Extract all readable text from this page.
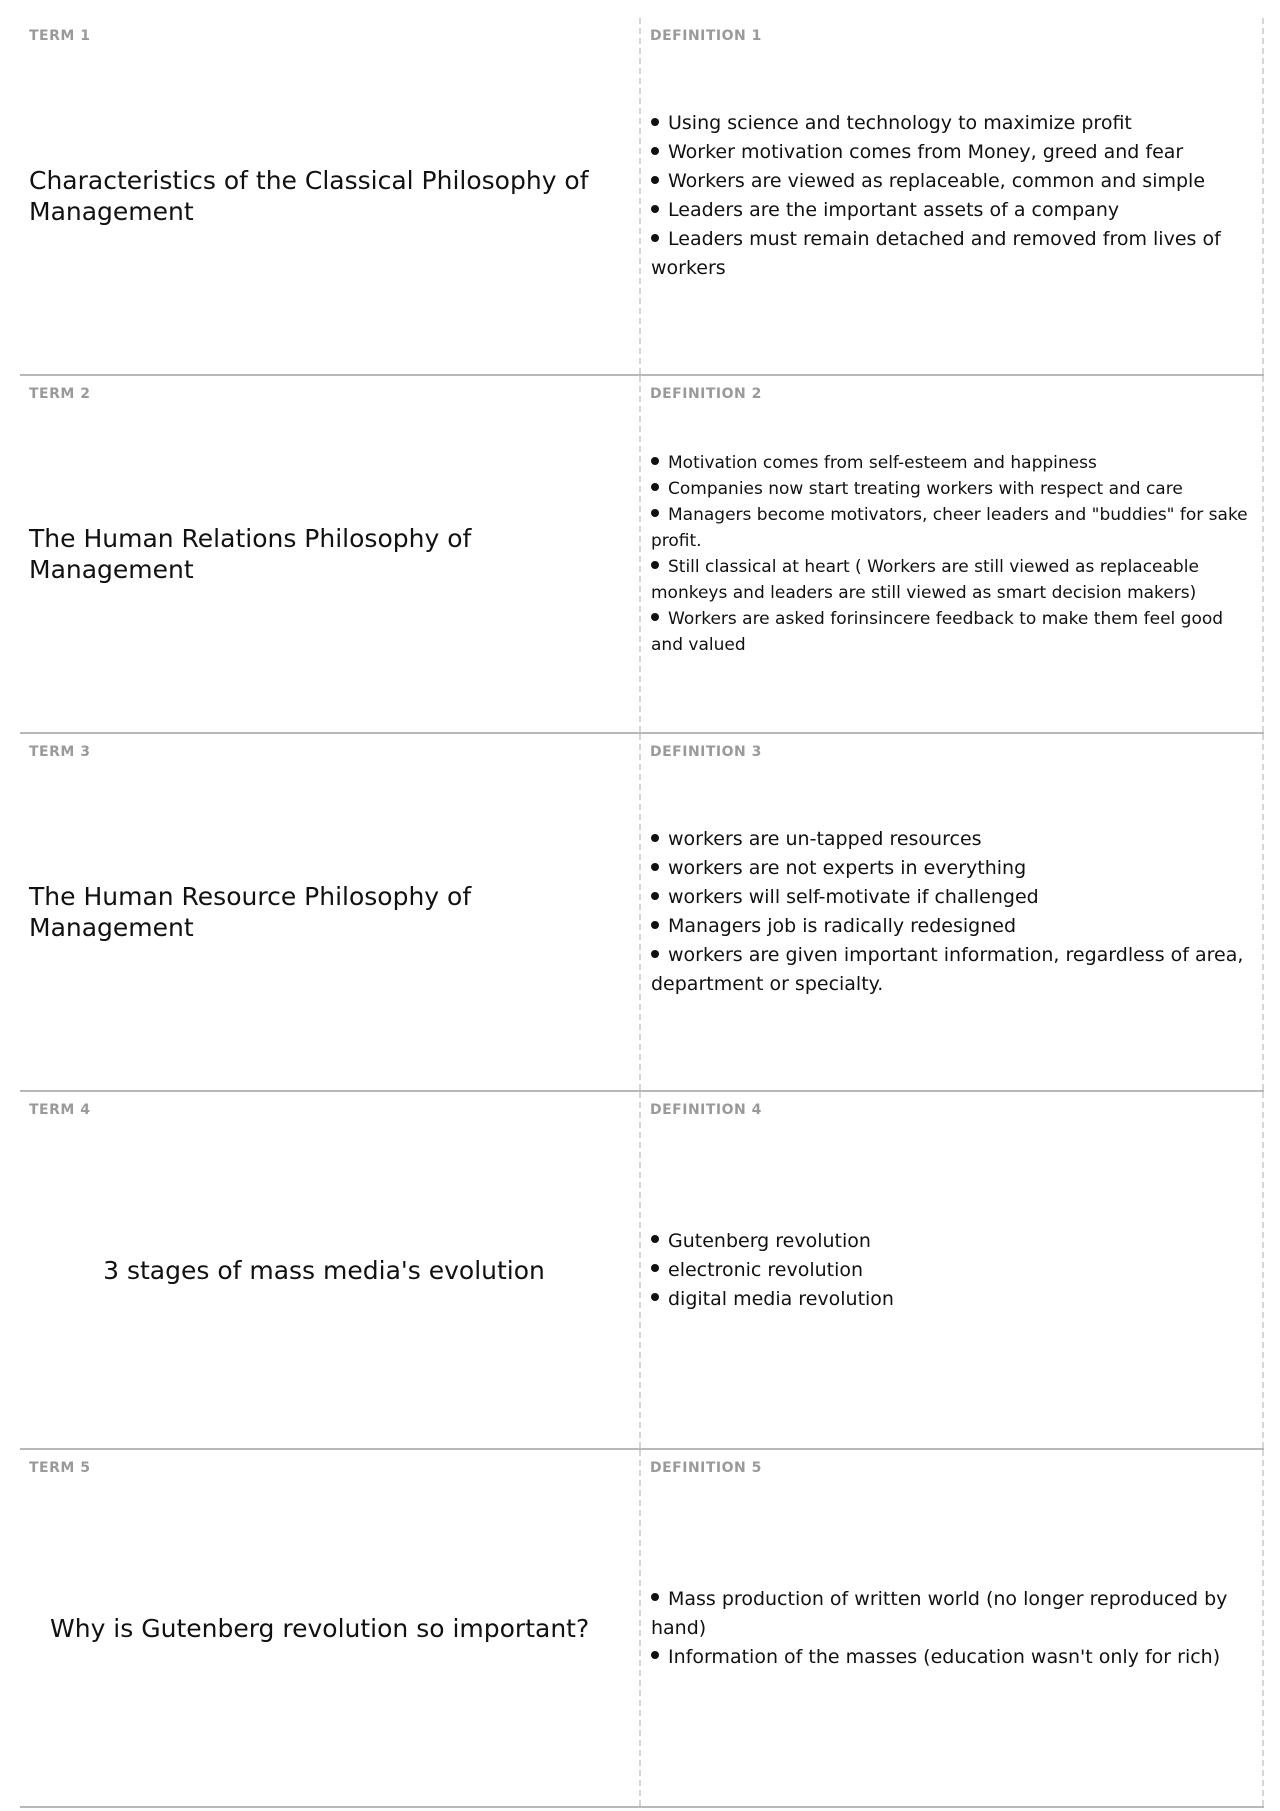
TERM 1
Characteristics of the Classical Philosophy of Management
DEFINITION 1
Using science and technology to maximize profit
Worker motivation comes from Money, greed and fear
Workers are viewed as replaceable, common and simple
Leaders are the important assets of a company
Leaders must remain detached and removed from lives of workers
TERM 2
The Human Relations Philosophy of Management
DEFINITION 2
Motivation comes from self-esteem and happiness
Companies now start treating workers with respect and care
Managers become motivators, cheer leaders and "buddies" for sake profit.
Still classical at heart ( Workers are still viewed as replaceable monkeys and leaders are still viewed as smart decision makers)
Workers are asked forinsincere feedback to make them feel good and valued
TERM 3
The Human Resource Philosophy of Management
DEFINITION 3
workers are un-tapped resources
workers are not experts in everything
workers will self-motivate if challenged
Managers job is radically redesigned
workers are given important information, regardless of area, department or specialty.
TERM 4
3 stages of mass media's evolution
DEFINITION 4
Gutenberg revolution
electronic revolution
digital media revolution
TERM 5
Why is Gutenberg revolution so important?
DEFINITION 5
Mass production of written world (no longer reproduced by hand)
Information of the masses (education wasn't only for rich)
